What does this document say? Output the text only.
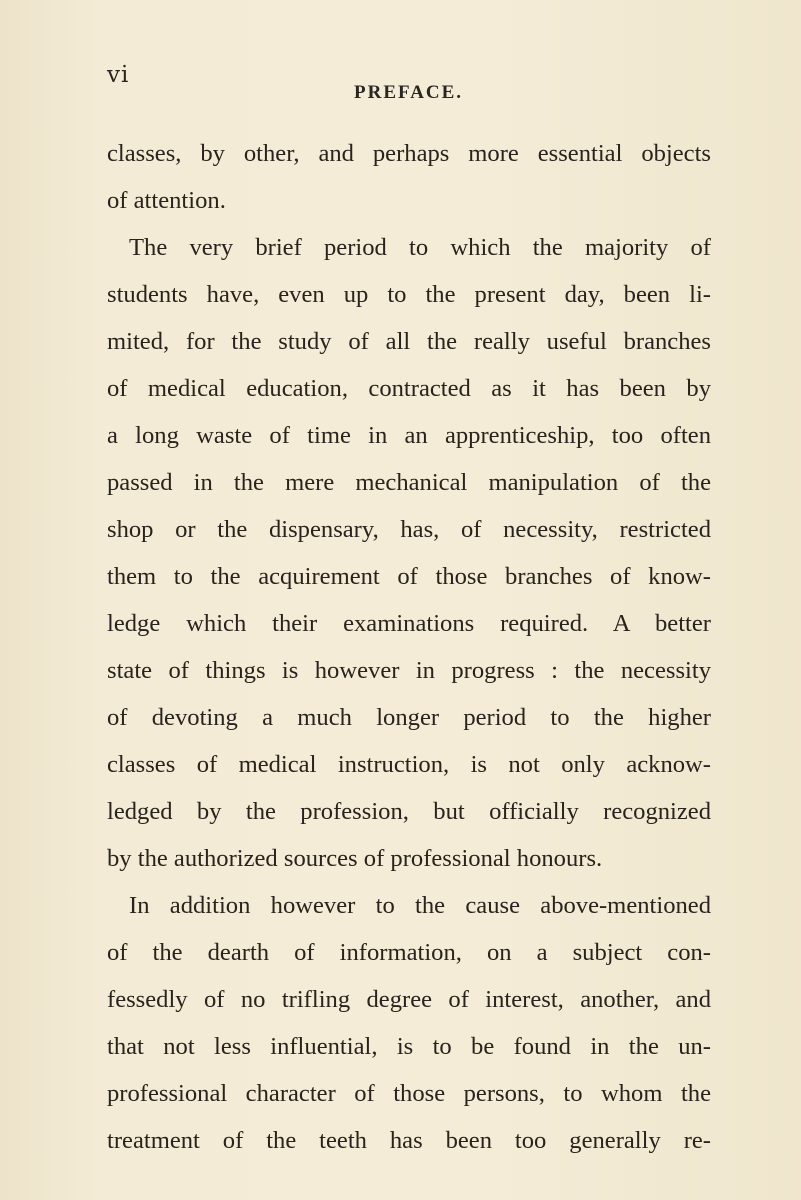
vi
PREFACE.
classes, by other, and perhaps more essential objects
of attention.
The very brief period to which the majority of
students have, even up to the present day, been li-
mited, for the study of all the really useful branches
of medical education, contracted as it has been by
a long waste of time in an apprenticeship, too often
passed in the mere mechanical manipulation of the
shop or the dispensary, has, of necessity, restricted
them to the acquirement of those branches of know-
ledge which their examinations required. A better
state of things is however in progress : the necessity
of devoting a much longer period to the higher
classes of medical instruction, is not only acknow-
ledged by the profession, but officially recognized
by the authorized sources of professional honours.
In addition however to the cause above-mentioned
of the dearth of information, on a subject con-
fessedly of no trifling degree of interest, another, and
that not less influential, is to be found in the un-
professional character of those persons, to whom the
treatment of the teeth has been too generally re-
